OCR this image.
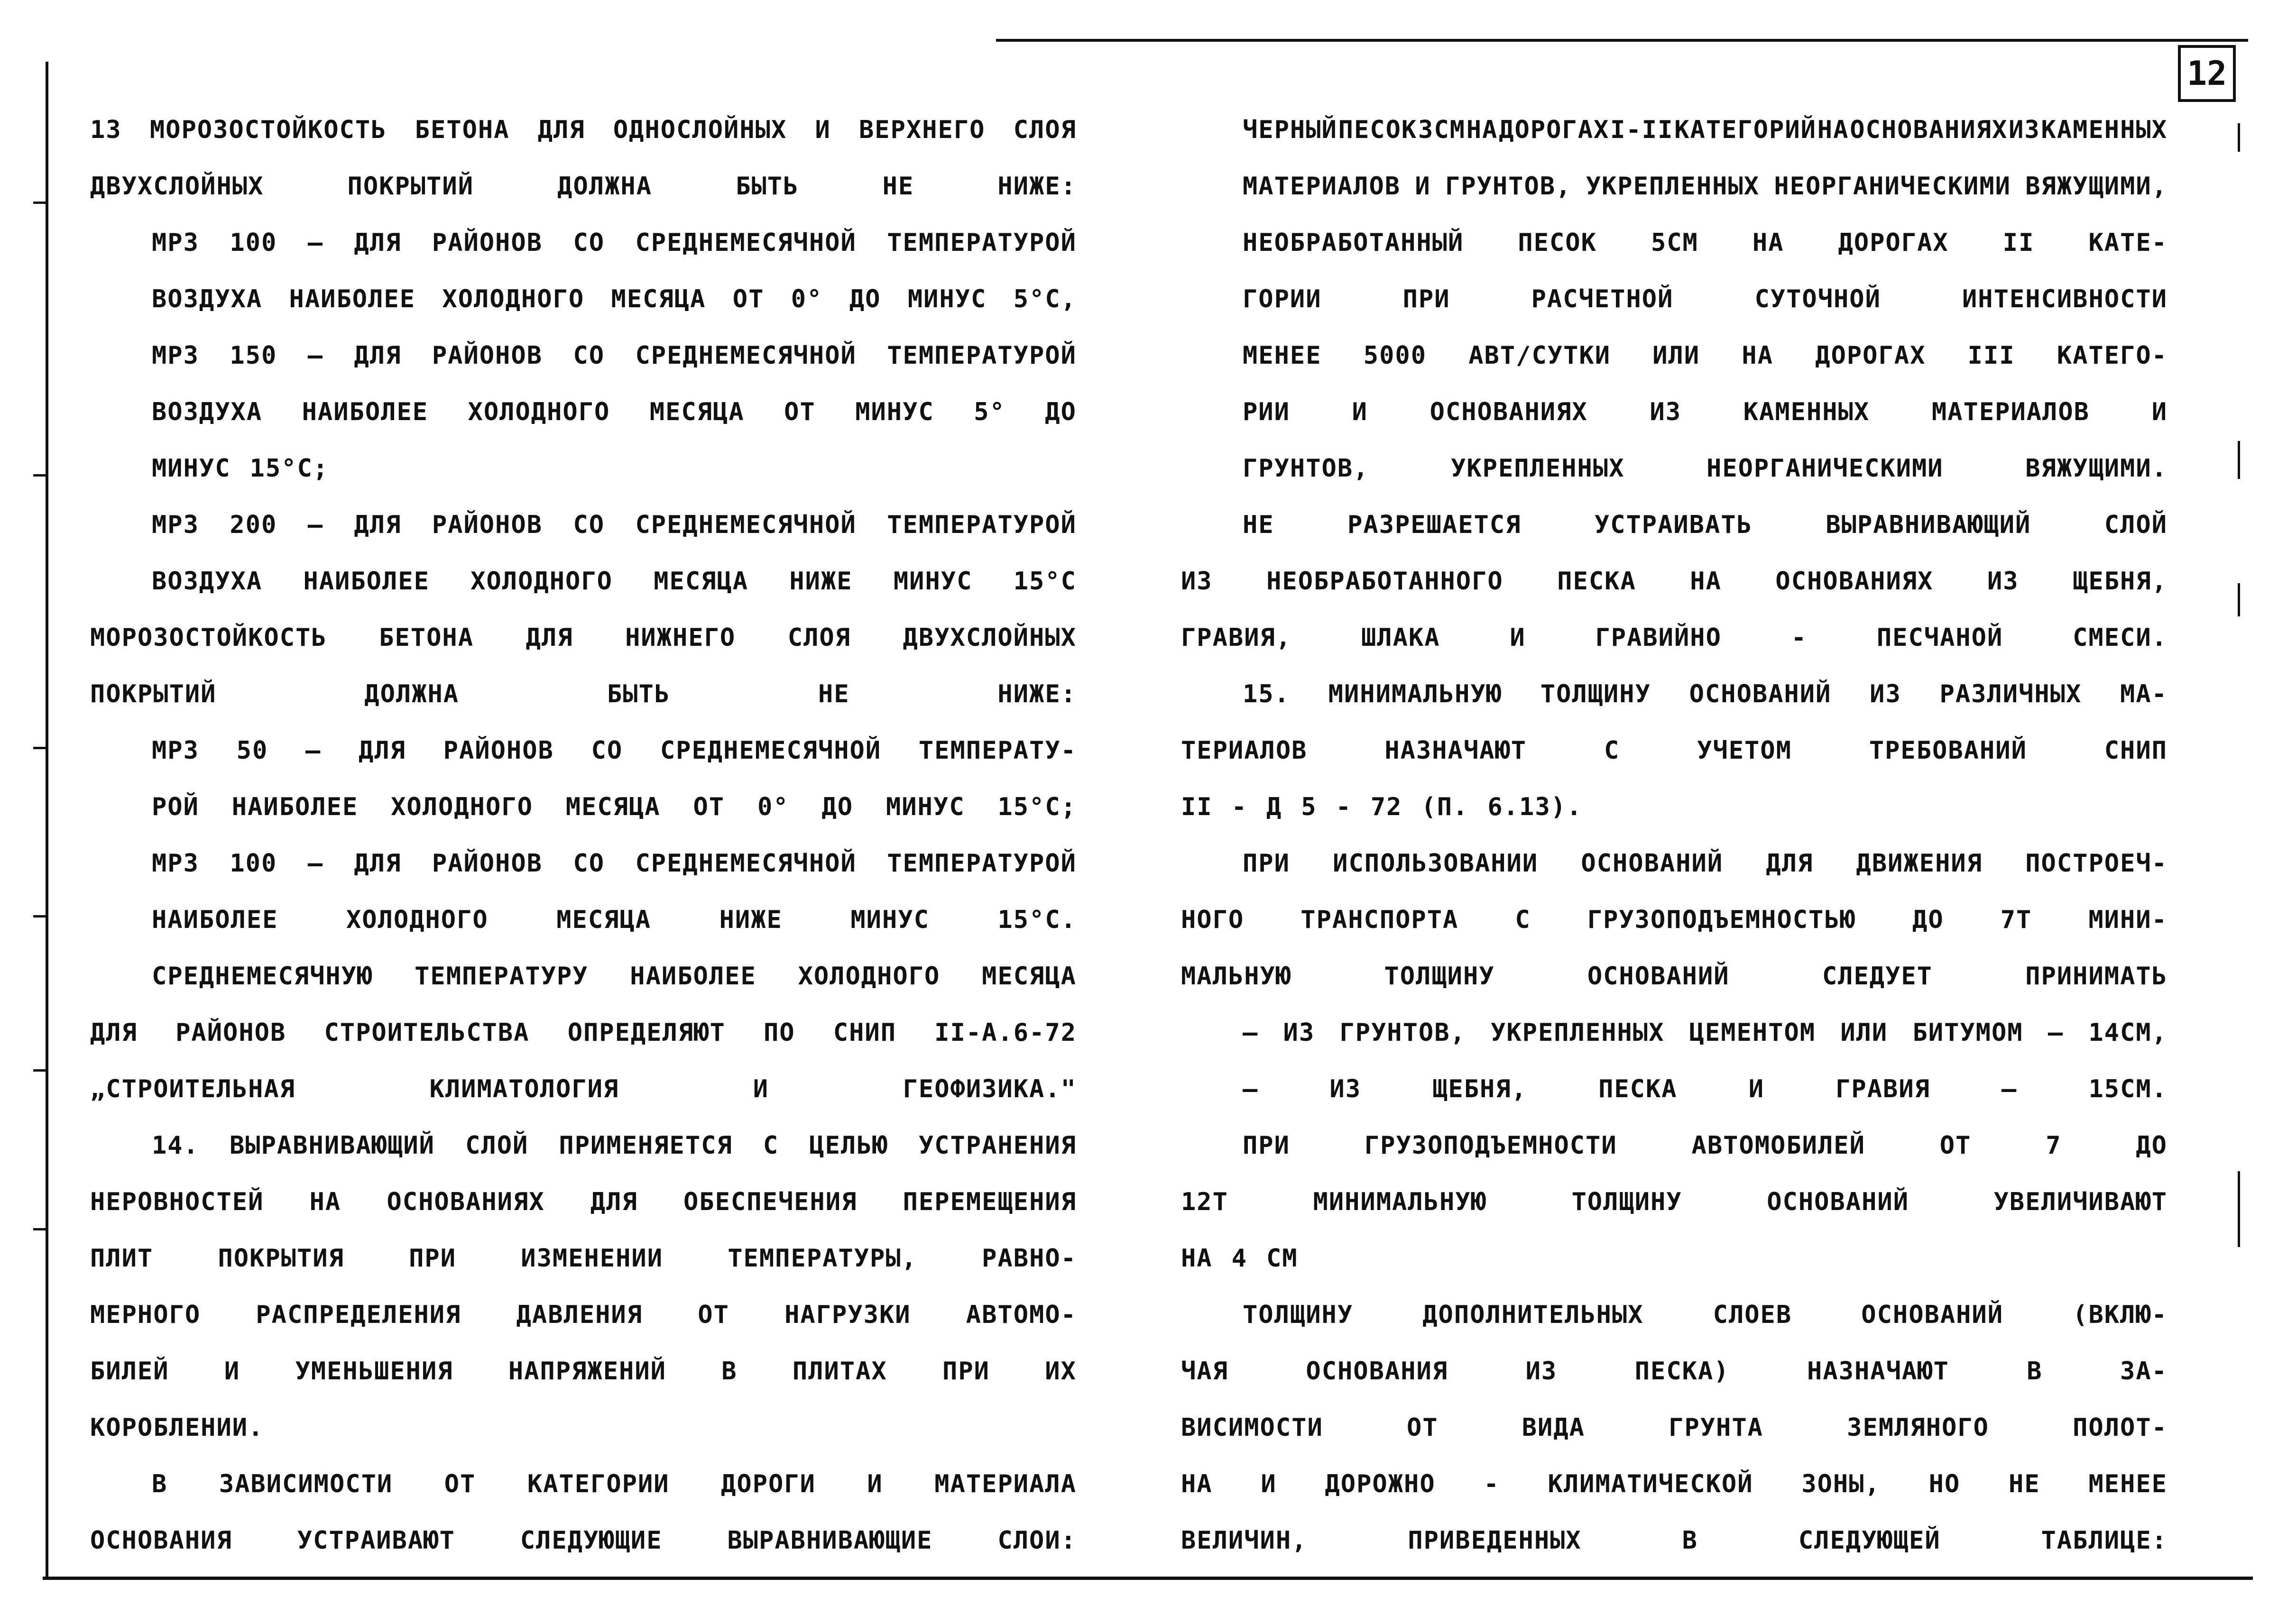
12
13 МОРОЗОСТОЙКОСТЬ БЕТОНА ДЛЯ ОДНОСЛОЙНЫХ И ВЕРХНЕГО СЛОЯ
ДВУХСЛОЙНЫХ	ПОКРЫТИЙ	ДОЛЖНА	БЫТЬ	НЕ	НИЖЕ:
МРЗ 100 — ДЛЯ РАЙОНОВ СО СРЕДНЕМЕСЯЧНОЙ ТЕМПЕРАТУРОЙ
ВОЗДУХА НАИБОЛЕЕ ХОЛОДНОГО МЕСЯЦА ОТ 0° ДО МИНУС 5°С,
МРЗ 150 — ДЛЯ РАЙОНОВ СО СРЕДНЕМЕСЯЧНОЙ ТЕМПЕРАТУРОЙ
ВОЗДУХА НАИБОЛЕЕ ХОЛОДНОГО МЕСЯЦА ОТ МИНУС 5° ДО
МИНУС 15°С;
МРЗ 200 — ДЛЯ РАЙОНОВ СО СРЕДНЕМЕСЯЧНОЙ ТЕМПЕРАТУРОЙ
ВОЗДУХА НАИБОЛЕЕ ХОЛОДНОГО МЕСЯЦА НИЖЕ МИНУС 15°С
МОРОЗОСТОЙКОСТЬ БЕТОНА ДЛЯ НИЖНЕГО СЛОЯ ДВУХСЛОЙНЫХ
ПОКРЫТИЙ	ДОЛЖНА	БЫТЬ	НЕ	НИЖЕ:
МРЗ 50 — ДЛЯ РАЙОНОВ СО СРЕДНЕМЕСЯЧНОЙ ТЕМПЕРАТУ-
РОЙ НАИБОЛЕЕ ХОЛОДНОГО МЕСЯЦА ОТ 0° ДО МИНУС 15°С;
МРЗ 100 — ДЛЯ РАЙОНОВ СО СРЕДНЕМЕСЯЧНОЙ ТЕМПЕРАТУРОЙ
НАИБОЛЕЕ	ХОЛОДНОГО	МЕСЯЦА	НИЖЕ	МИНУС	15°С.
СРЕДНЕМЕСЯЧНУЮ ТЕМПЕРАТУРУ НАИБОЛЕЕ ХОЛОДНОГО МЕСЯЦА
ДЛЯ РАЙОНОВ СТРОИТЕЛЬСТВА ОПРЕДЕЛЯЮТ ПО СНИП II-А.6-72
„СТРОИТЕЛЬНАЯ	КЛИМАТОЛОГИЯ	И	ГЕОФИЗИКА."
14. ВЫРАВНИВАЮЩИЙ СЛОЙ ПРИМЕНЯЕТСЯ С ЦЕЛЬЮ УСТРАНЕНИЯ
НЕРОВНОСТЕЙ НА ОСНОВАНИЯХ ДЛЯ ОБЕСПЕЧЕНИЯ ПЕРЕМЕЩЕНИЯ
ПЛИТ	ПОКРЫТИЯ	ПРИ	ИЗМЕНЕНИИ	ТЕМПЕРАТУРЫ,	РАВНО-
МЕРНОГО РАСПРЕДЕЛЕНИЯ ДАВЛЕНИЯ ОТ НАГРУЗКИ АВТОМО-
БИЛЕЙ И УМЕНЬШЕНИЯ НАПРЯЖЕНИЙ В ПЛИТАХ ПРИ ИХ
КОРОБЛЕНИИ.
В ЗАВИСИМОСТИ ОТ КАТЕГОРИИ ДОРОГИ И МАТЕРИАЛА
ОСНОВАНИЯ	УСТРАИВАЮТ	СЛЕДУЮЩИЕ	ВЫРАВНИВАЮЩИЕ	СЛОИ:
ЧЕРНЫЙ ПЕСОК 3СМ НА ДОРОГАХ I-II КАТЕГОРИЙ НА ОСНОВАНИЯХ ИЗ КАМЕННЫХ
МАТЕРИАЛОВ И ГРУНТОВ, УКРЕПЛЕННЫХ НЕОРГАНИЧЕСКИМИ ВЯЖУЩИМИ,
НЕОБРАБОТАННЫЙ ПЕСОК 5СМ НА ДОРОГАХ II КАТЕ-
ГОРИИ	ПРИ	РАСЧЕТНОЙ	СУТОЧНОЙ	ИНТЕНСИВНОСТИ
МЕНЕЕ 5000 АВТ/СУТКИ ИЛИ НА ДОРОГАХ III КАТЕГО-
РИИ	И	ОСНОВАНИЯХ	ИЗ	КАМЕННЫХ	МАТЕРИАЛОВ	И
ГРУНТОВ,	УКРЕПЛЕННЫХ	НЕОРГАНИЧЕСКИМИ	ВЯЖУЩИМИ.
НЕ	РАЗРЕШАЕТСЯ	УСТРАИВАТЬ	ВЫРАВНИВАЮЩИЙ	СЛОЙ
ИЗ НЕОБРАБОТАННОГО ПЕСКА НА ОСНОВАНИЯХ ИЗ ЩЕБНЯ,
ГРАВИЯ,	ШЛАКА	И	ГРАВИЙНО	-	ПЕСЧАНОЙ	СМЕСИ.
15. МИНИМАЛЬНУЮ ТОЛЩИНУ ОСНОВАНИЙ ИЗ РАЗЛИЧНЫХ МА-
ТЕРИАЛОВ	НАЗНАЧАЮТ	С	УЧЕТОМ	ТРЕБОВАНИЙ	СНИП
II - Д 5 - 72 (П. 6.13).
ПРИ ИСПОЛЬЗОВАНИИ ОСНОВАНИЙ ДЛЯ ДВИЖЕНИЯ ПОСТРОЕЧ-
НОГО ТРАНСПОРТА С ГРУЗОПОДЪЕМНОСТЬЮ ДО 7Т МИНИ-
МАЛЬНУЮ	ТОЛЩИНУ	ОСНОВАНИЙ	СЛЕДУЕТ	ПРИНИМАТЬ
— ИЗ ГРУНТОВ, УКРЕПЛЕННЫХ ЦЕМЕНТОМ ИЛИ БИТУМОМ — 14СМ,
—	ИЗ	ЩЕБНЯ,	ПЕСКА	И	ГРАВИЯ	—	15СМ.
ПРИ	ГРУЗОПОДЪЕМНОСТИ	АВТОМОБИЛЕЙ	ОТ	7	ДО
12Т	МИНИМАЛЬНУЮ	ТОЛЩИНУ	ОСНОВАНИЙ	УВЕЛИЧИВАЮТ
НА 4 СМ
ТОЛЩИНУ	ДОПОЛНИТЕЛЬНЫХ	СЛОЕВ	ОСНОВАНИЙ	(ВКЛЮ-
ЧАЯ	ОСНОВАНИЯ	ИЗ	ПЕСКА)	НАЗНАЧАЮТ	В	ЗА-
ВИСИМОСТИ	ОТ	ВИДА	ГРУНТА	ЗЕМЛЯНОГО	ПОЛОТ-
НА И ДОРОЖНО - КЛИМАТИЧЕСКОЙ ЗОНЫ, НО НЕ МЕНЕЕ
ВЕЛИЧИН,	ПРИВЕДЕННЫХ	В	СЛЕДУЮЩЕЙ	ТАБЛИЦЕ:
